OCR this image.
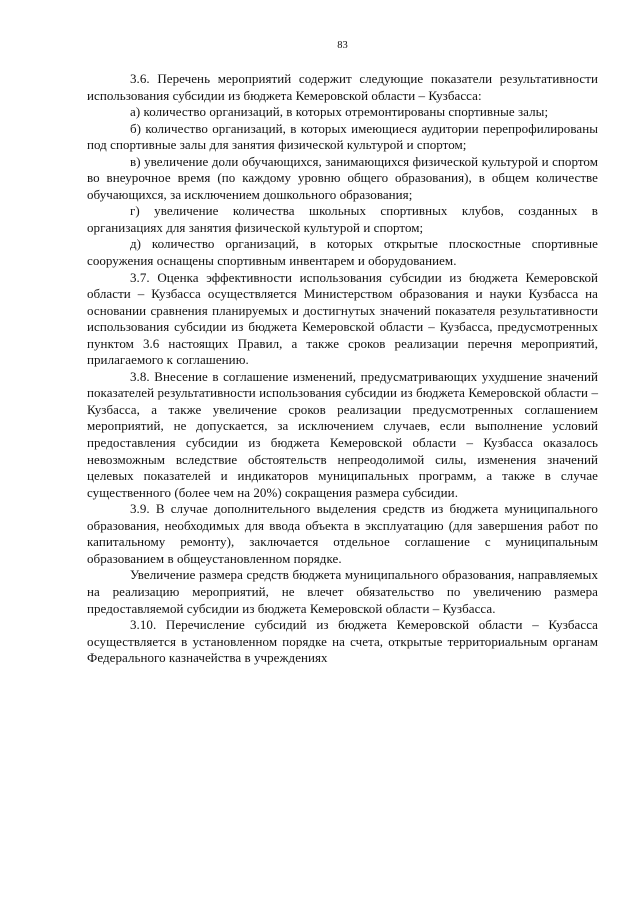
83

3.6. Перечень мероприятий содержит следующие показатели результативности использования субсидии из бюджета Кемеровской области – Кузбасса:

а) количество организаций, в которых отремонтированы спортивные залы;

б) количество организаций, в которых имеющиеся аудитории перепрофилированы под спортивные залы для занятия физической культурой и спортом;

в) увеличение доли обучающихся, занимающихся физической культурой и спортом во внеурочное время (по каждому уровню общего образования), в общем количестве обучающихся, за исключением дошкольного образования;

г) увеличение количества школьных спортивных клубов, созданных в организациях для занятия физической культурой и спортом;

д) количество организаций, в которых открытые плоскостные спортивные сооружения оснащены спортивным инвентарем и оборудованием.

3.7. Оценка эффективности использования субсидии из бюджета Кемеровской области – Кузбасса осуществляется Министерством образования и науки Кузбасса на основании сравнения планируемых и достигнутых значений показателя результативности использования субсидии из бюджета Кемеровской области – Кузбасса, предусмотренных пунктом 3.6 настоящих Правил, а также сроков реализации перечня мероприятий, прилагаемого к соглашению.

3.8. Внесение в соглашение изменений, предусматривающих ухудшение значений показателей результативности использования субсидии из бюджета Кемеровской области – Кузбасса, а также увеличение сроков реализации предусмотренных соглашением мероприятий, не допускается, за исключением случаев, если выполнение условий предоставления субсидии из бюджета Кемеровской области – Кузбасса оказалось невозможным вследствие обстоятельств непреодолимой силы, изменения значений целевых показателей и индикаторов муниципальных программ, а также в случае существенного (более чем на 20%) сокращения размера субсидии.

3.9. В случае дополнительного выделения средств из бюджета муниципального образования, необходимых для ввода объекта в эксплуатацию (для завершения работ по капитальному ремонту), заключается отдельное соглашение с муниципальным образованием в общеустановленном порядке.

Увеличение размера средств бюджета муниципального образования, направляемых на реализацию мероприятий, не влечет обязательство по увеличению размера предоставляемой субсидии из бюджета Кемеровской области – Кузбасса.

3.10. Перечисление субсидий из бюджета Кемеровской области – Кузбасса осуществляется в установленном порядке на счета, открытые территориальным органам Федерального казначейства в учреждениях
